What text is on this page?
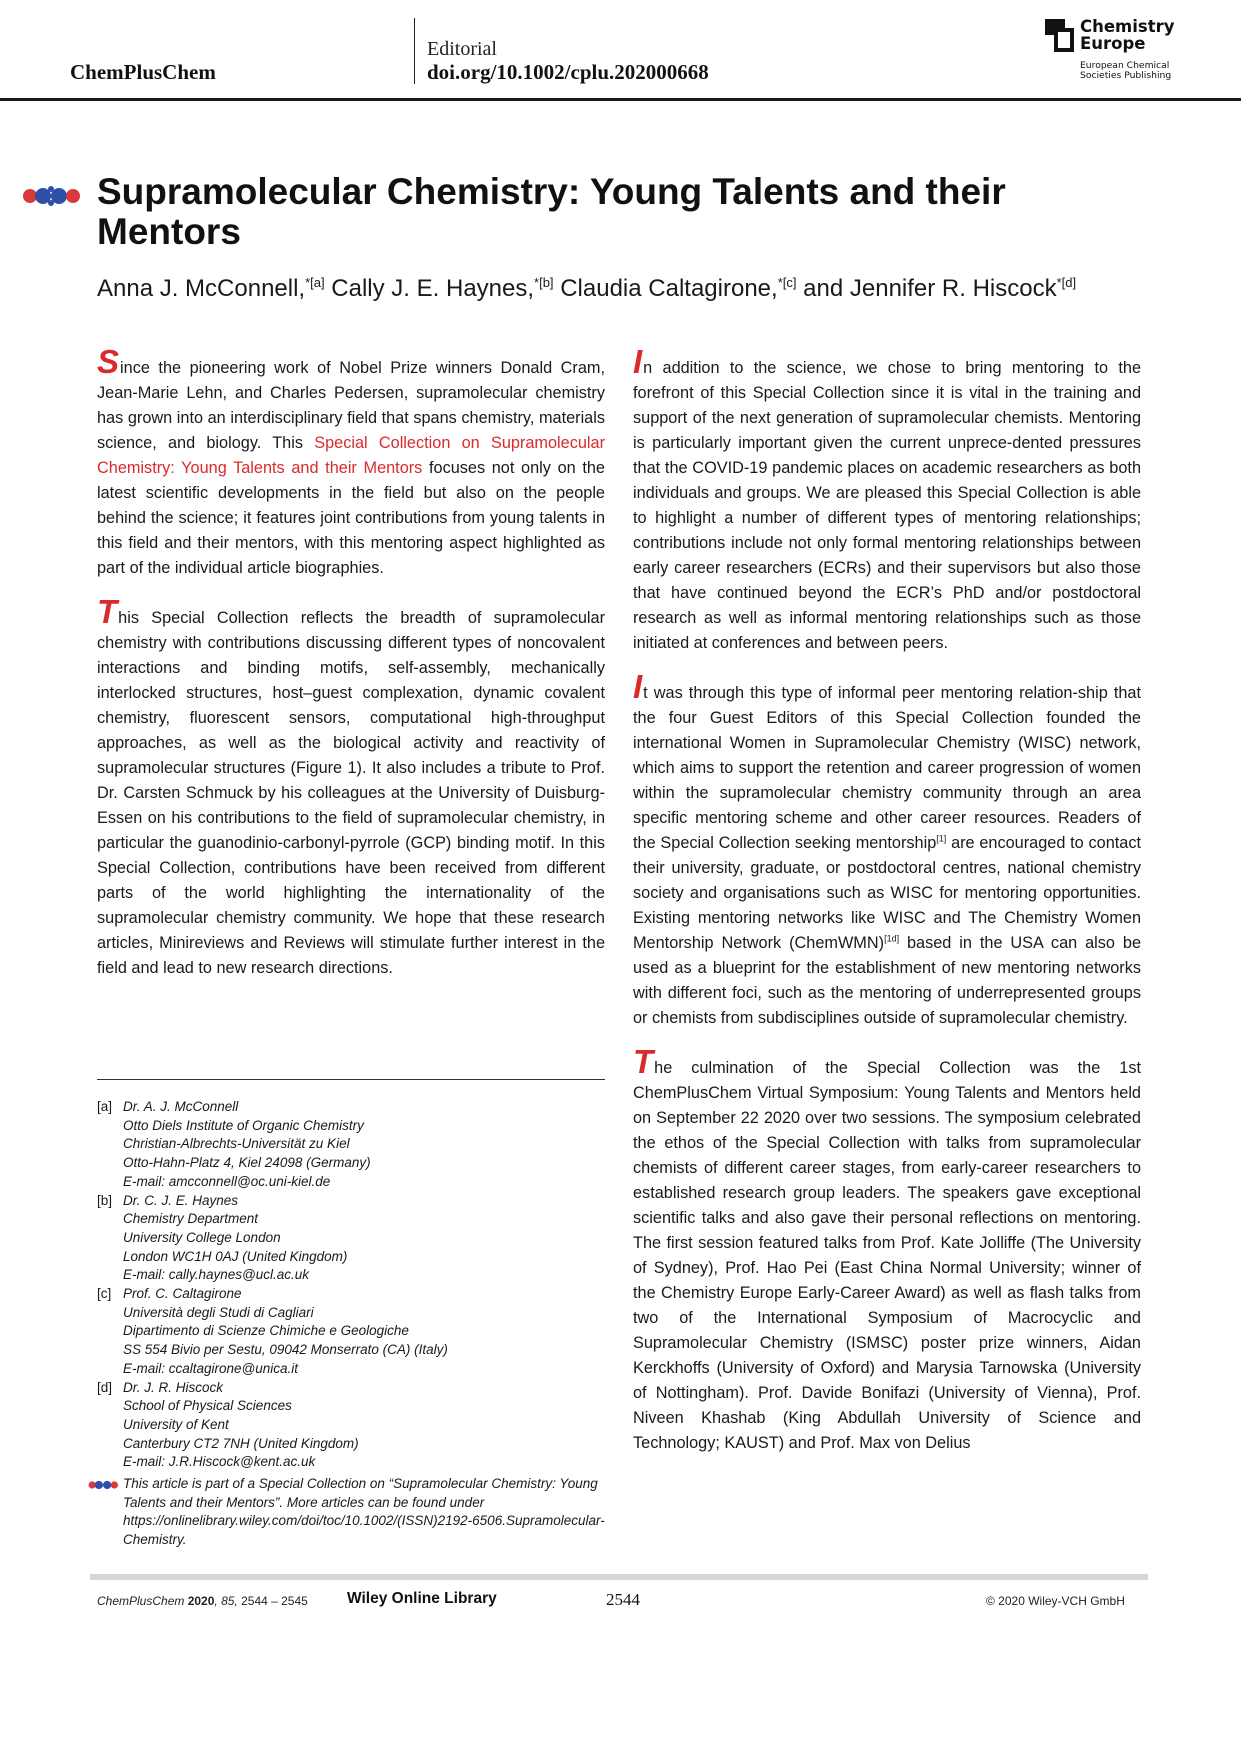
ChemPlusChem
Editorial
doi.org/10.1002/cplu.202000668
Chemistry
Europe
European Chemical
Societies Publishing
Supramolecular Chemistry: Young Talents and their Mentors
Anna J. McConnell,$^{*[a]}$ Cally J. E. Haynes,$^{*[b]}$ Claudia Caltagirone,$^{*[c]}$ and Jennifer R. Hiscock$^{*[d]}$

Since the pioneering work of Nobel Prize winners Donald Cram, Jean-Marie Lehn, and Charles Pedersen, supramolecular chemistry has grown into an interdisciplinary field that spans chemistry, materials science, and biology. This Special Collection on Supramolecular Chemistry: Young Talents and their Mentors focuses not only on the latest scientific developments in the field but also on the people behind the science; it features joint contributions from young talents in this field and their mentors, with this mentoring aspect highlighted as part of the individual article biographies.

This Special Collection reflects the breadth of supramolecular chemistry with contributions discussing different types of noncovalent interactions and binding motifs, self-assembly, mechanically interlocked structures, host–guest complexation, dynamic covalent chemistry, fluorescent sensors, computational high-throughput approaches, as well as the biological activity and reactivity of supramolecular structures (Figure 1). It also includes a tribute to Prof. Dr. Carsten Schmuck by his colleagues at the University of Duisburg-Essen on his contributions to the field of supramolecular chemistry, in particular the guanodinio-carbonyl-pyrrole (GCP) binding motif. In this Special Collection, contributions have been received from different parts of the world highlighting the internationality of the supramolecular chemistry community. We hope that these research articles, Minireviews and Reviews will stimulate further interest in the field and lead to new research directions.

In addition to the science, we chose to bring mentoring to the forefront of this Special Collection since it is vital in the training and support of the next generation of supramolecular chemists. Mentoring is particularly important given the current unprece-dented pressures that the COVID-19 pandemic places on academic researchers as both individuals and groups. We are pleased this Special Collection is able to highlight a number of different types of mentoring relationships; contributions include not only formal mentoring relationships between early career researchers (ECRs) and their supervisors but also those that have continued beyond the ECR’s PhD and/or postdoctoral research as well as informal mentoring relationships such as those initiated at conferences and between peers.

It was through this type of informal peer mentoring relation-ship that the four Guest Editors of this Special Collection founded the international Women in Supramolecular Chemistry (WISC) network, which aims to support the retention and career progression of women within the supramolecular chemistry community through an area specific mentoring scheme and other career resources. Readers of the Special Collection seeking mentorship[1] are encouraged to contact their university, graduate, or postdoctoral centres, national chemistry society and organisations such as WISC for mentoring opportunities. Existing mentoring networks like WISC and The Chemistry Women Mentorship Network (ChemWMN)[1d] based in the USA can also be used as a blueprint for the establishment of new mentoring networks with different foci, such as the mentoring of underrepresented groups or chemists from subdisciplines outside of supramolecular chemistry.

The culmination of the Special Collection was the 1st ChemPlusChem Virtual Symposium: Young Talents and Mentors held on September 22 2020 over two sessions. The symposium celebrated the ethos of the Special Collection with talks from supramolecular chemists of different career stages, from early-career researchers to established research group leaders. The speakers gave exceptional scientific talks and also gave their personal reflections on mentoring. The first session featured talks from Prof. Kate Jolliffe (The University of Sydney), Prof. Hao Pei (East China Normal University; winner of the Chemistry Europe Early-Career Award) as well as flash talks from two of the International Symposium of Macrocyclic and Supramolecular Chemistry (ISMSC) poster prize winners, Aidan Kerckhoffs (University of Oxford) and Marysia Tarnowska (University of Nottingham). Prof. Davide Bonifazi (University of Vienna), Prof. Niveen Khashab (King Abdullah University of Science and Technology; KAUST) and Prof. Max von Delius

[a] Dr. A. J. McConnell
Otto Diels Institute of Organic Chemistry
Christian-Albrechts-Universität zu Kiel
Otto-Hahn-Platz 4, Kiel 24098 (Germany)
E-mail: amcconnell@oc.uni-kiel.de
[b] Dr. C. J. E. Haynes
Chemistry Department
University College London
London WC1H 0AJ (United Kingdom)
E-mail: cally.haynes@ucl.ac.uk
[c] Prof. C. Caltagirone
Università degli Studi di Cagliari
Dipartimento di Scienze Chimiche e Geologiche
SS 554 Bivio per Sestu, 09042 Monserrato (CA) (Italy)
E-mail: ccaltagirone@unica.it
[d] Dr. J. R. Hiscock
School of Physical Sciences
University of Kent
Canterbury CT2 7NH (United Kingdom)
E-mail: J.R.Hiscock@kent.ac.uk
This article is part of a Special Collection on “Supramolecular Chemistry: Young Talents and their Mentors”. More articles can be found under https://onlinelibrary.wiley.com/doi/toc/10.1002/(ISSN)2192-6506.Supramolecular-Chemistry.
ChemPlusChem 2020, 85, 2544 – 2545	Wiley Online Library	2544	© 2020 Wiley-VCH GmbH
